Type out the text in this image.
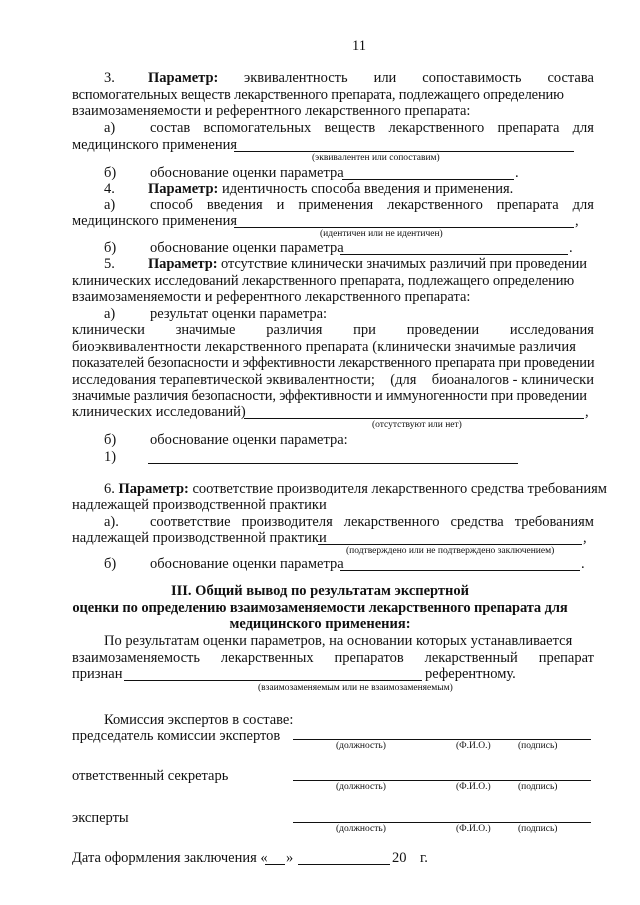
11
3. Параметр: эквивалентность или сопоставимость состава
вспомогательных веществ лекарственного препарата, подлежащего определению
взаимозаменяемости и референтного лекарственного препарата:
а) состав вспомогательных веществ лекарственного препарата для
медицинского применения
(эквивалентен или сопоставим)
б) обоснование оценки параметра	.
4. Параметр: идентичность способа введения и применения.
а) способ введения и применения лекарственного препарата для
медицинского применения	,
(идентичен или не идентичен)
б) обоснование оценки параметра	.
5. Параметр: отсутствие клинически значимых различий при проведении
клинических исследований лекарственного препарата, подлежащего определению
взаимозаменяемости и референтного лекарственного препарата:
а) результат оценки параметра:
клинически значимые различия при проведении исследования
биоэквивалентности лекарственного препарата (клинически значимые различия
показателей безопасности и эффективности лекарственного препарата при проведении
исследования терапевтической эквивалентности; (для биоаналогов - клинически
значимые различия безопасности, эффективности и иммуногенности при проведении
клинических исследований)	,
(отсутствуют или нет)
б) обоснование оценки параметра:
1)
6. Параметр: соответствие производителя лекарственного средства требованиям
надлежащей производственной практики
а). соответствие производителя лекарственного средства требованиям
надлежащей производственной практики	,
(подтверждено или не подтверждено заключением)
б) обоснование оценки параметра	.
III. Общий вывод по результатам экспертной
оценки по определению взаимозаменяемости лекарственного препарата для
медицинского применения:
По результатам оценки параметров, на основании которых устанавливается
взаимозаменяемость лекарственных препаратов лекарственный препарат
признан	референтному.
(взаимозаменяемым или не взаимозаменяемым)
Комиссия экспертов в составе:
председатель комиссии экспертов
(должность)	(Ф.И.О.)	(подпись)
ответственный секретарь
(должность)	(Ф.И.О.)	(подпись)
эксперты
(должность)	(Ф.И.О.)	(подпись)
Дата оформления заключения « »	20 г.
